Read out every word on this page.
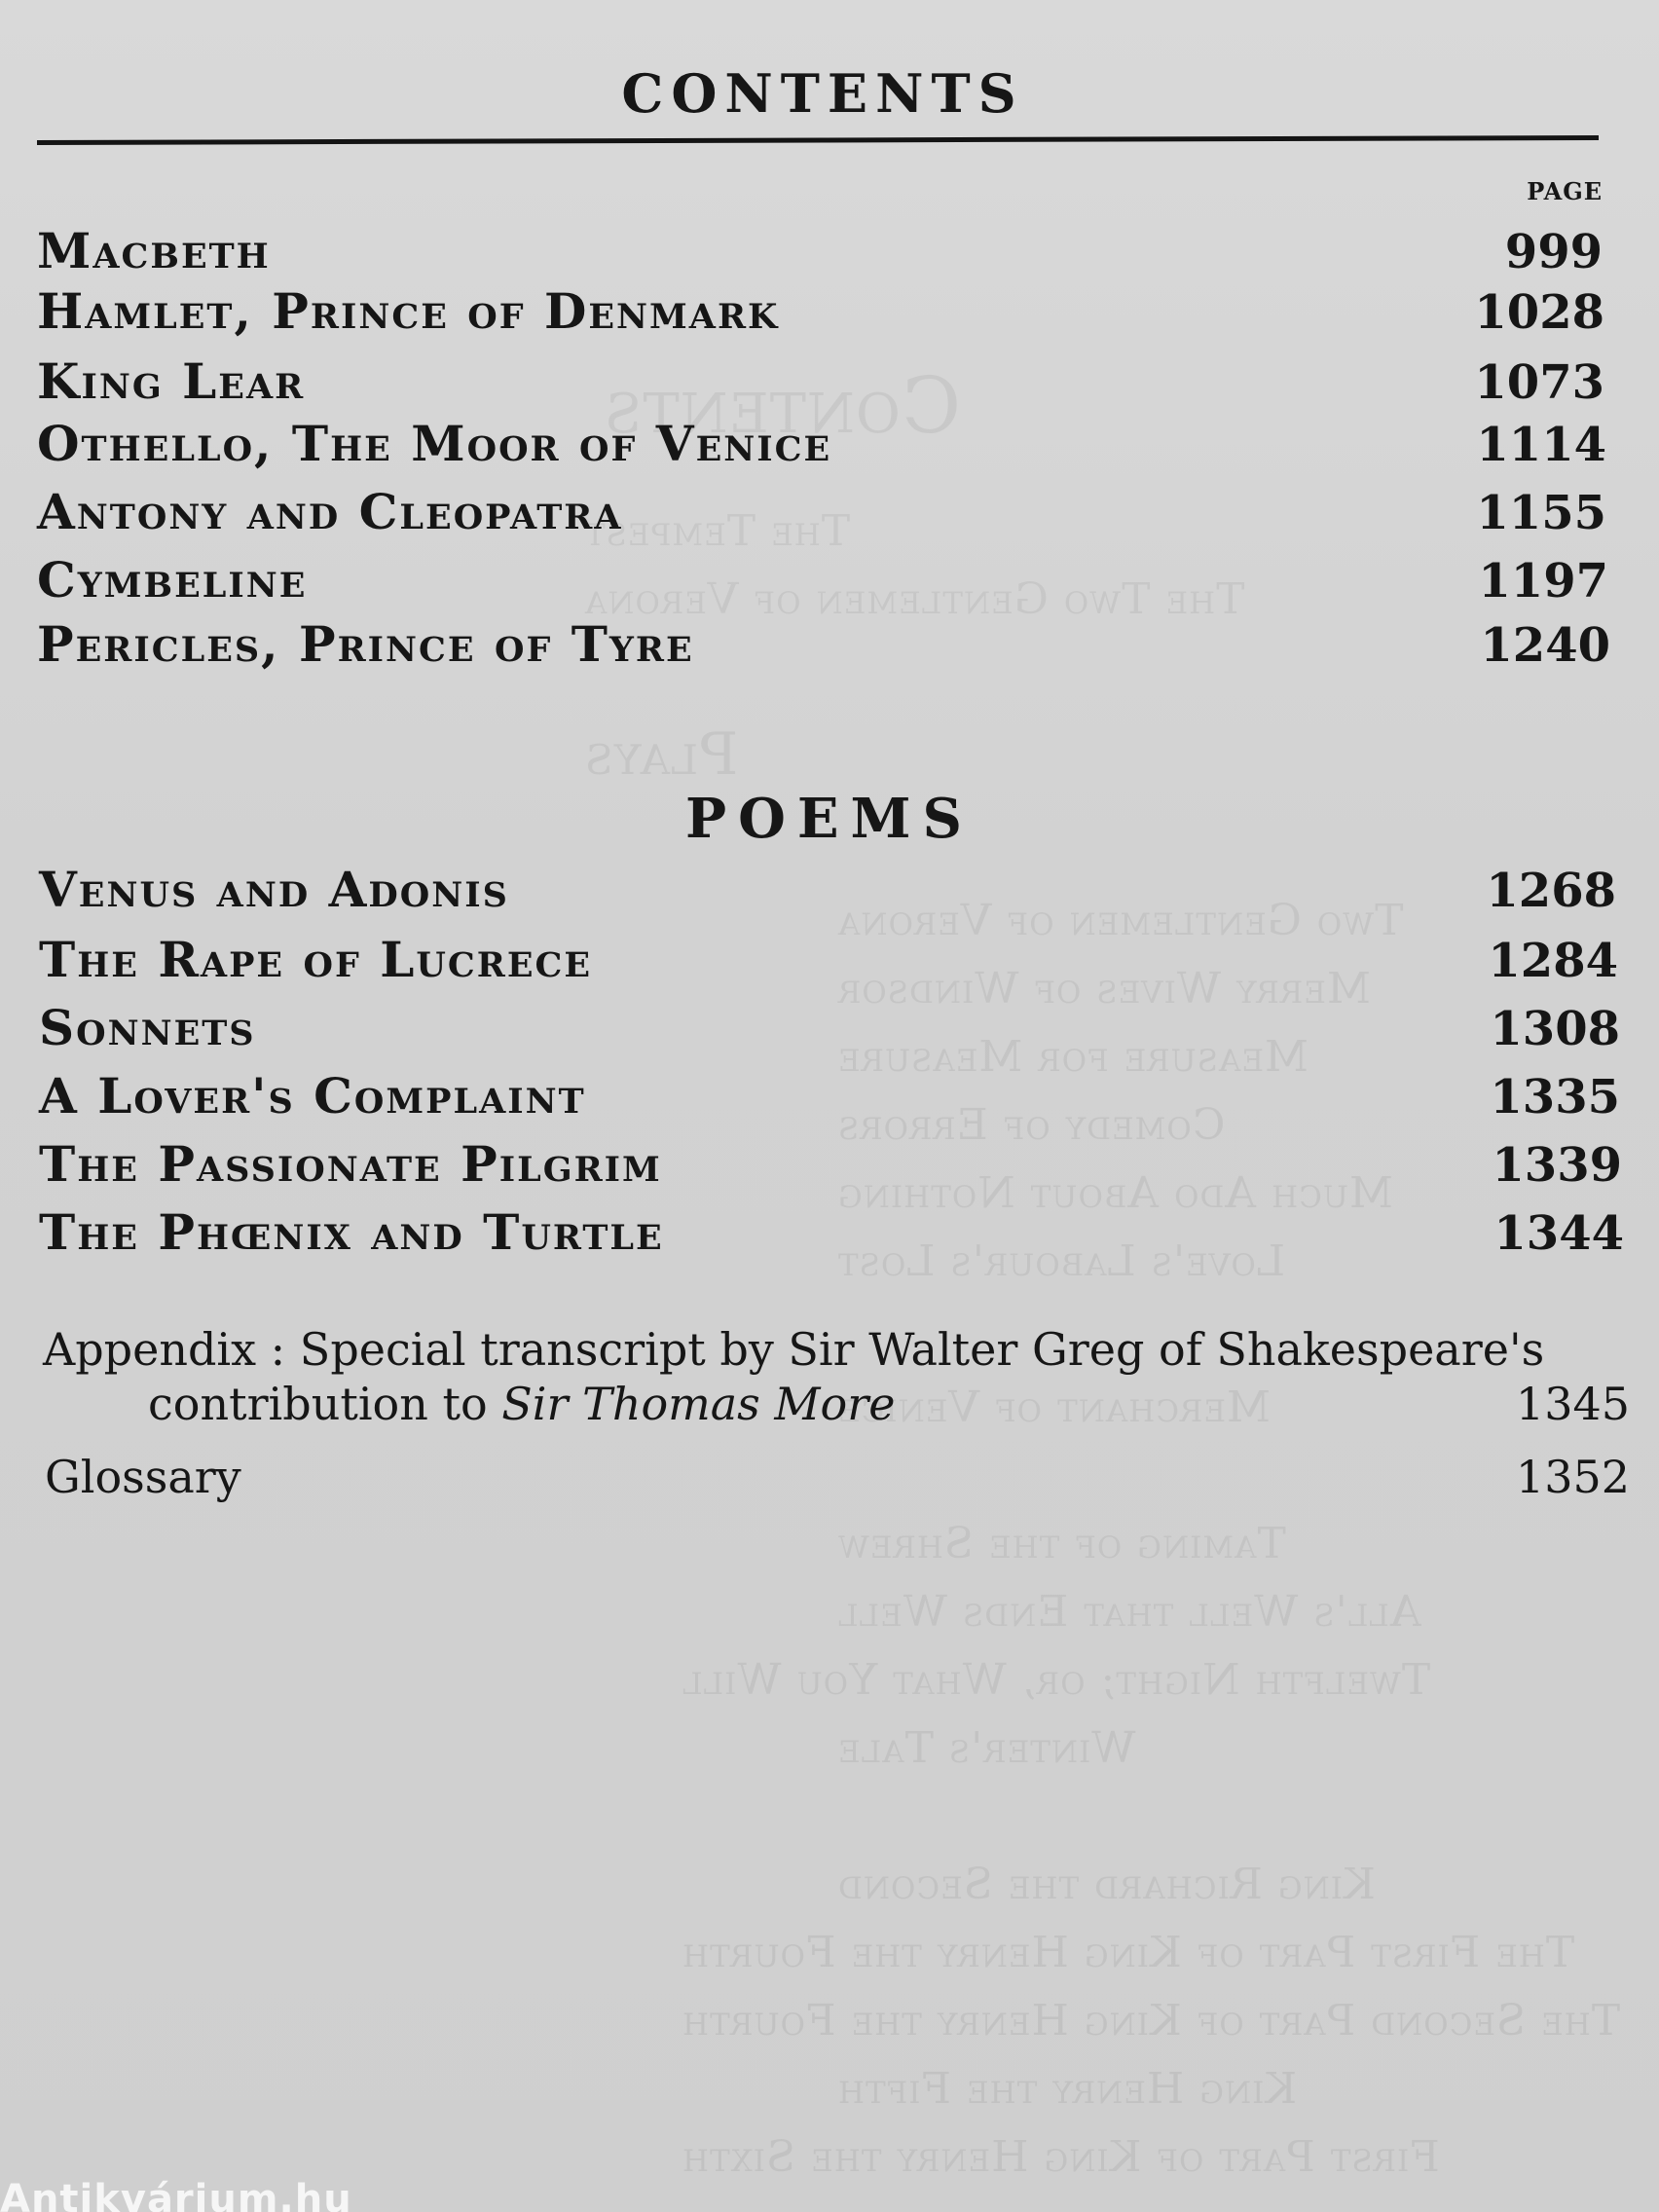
Contents
The Tempest
The Two Gentlemen of Verona
Plays
Two Gentlemen of Verona
Merry Wives of Windsor
Measure for Measure
Comedy of Errors
Much Ado About Nothing
Love's Labour's Lost
Merchant of Venice
Taming of the Shrew
All's Well that Ends Well
Twelfth Night; or, What You Will
Winter's Tale
King Richard the Second
The First Part of King Henry the Fourth
The Second Part of King Henry the Fourth
King Henry the Fifth
First Part of King Henry the Sixth
CONTENTS
PAGE
Macbeth	999
Hamlet, Prince of Denmark	1028
King Lear	1073
Othello, The Moor of Venice	1114
Antony and Cleopatra	1155
Cymbeline	1197
Pericles, Prince of Tyre	1240
POEMS
Venus and Adonis	1268
The Rape of Lucrece	1284
Sonnets	1308
A Lover's Complaint	1335
The Passionate Pilgrim	1339
The Phœnix and Turtle	1344
Appendix : Special transcript by Sir Walter Greg of Shakespeare's
contribution to Sir Thomas More	1345
Glossary	1352
Antikvárium.hu
